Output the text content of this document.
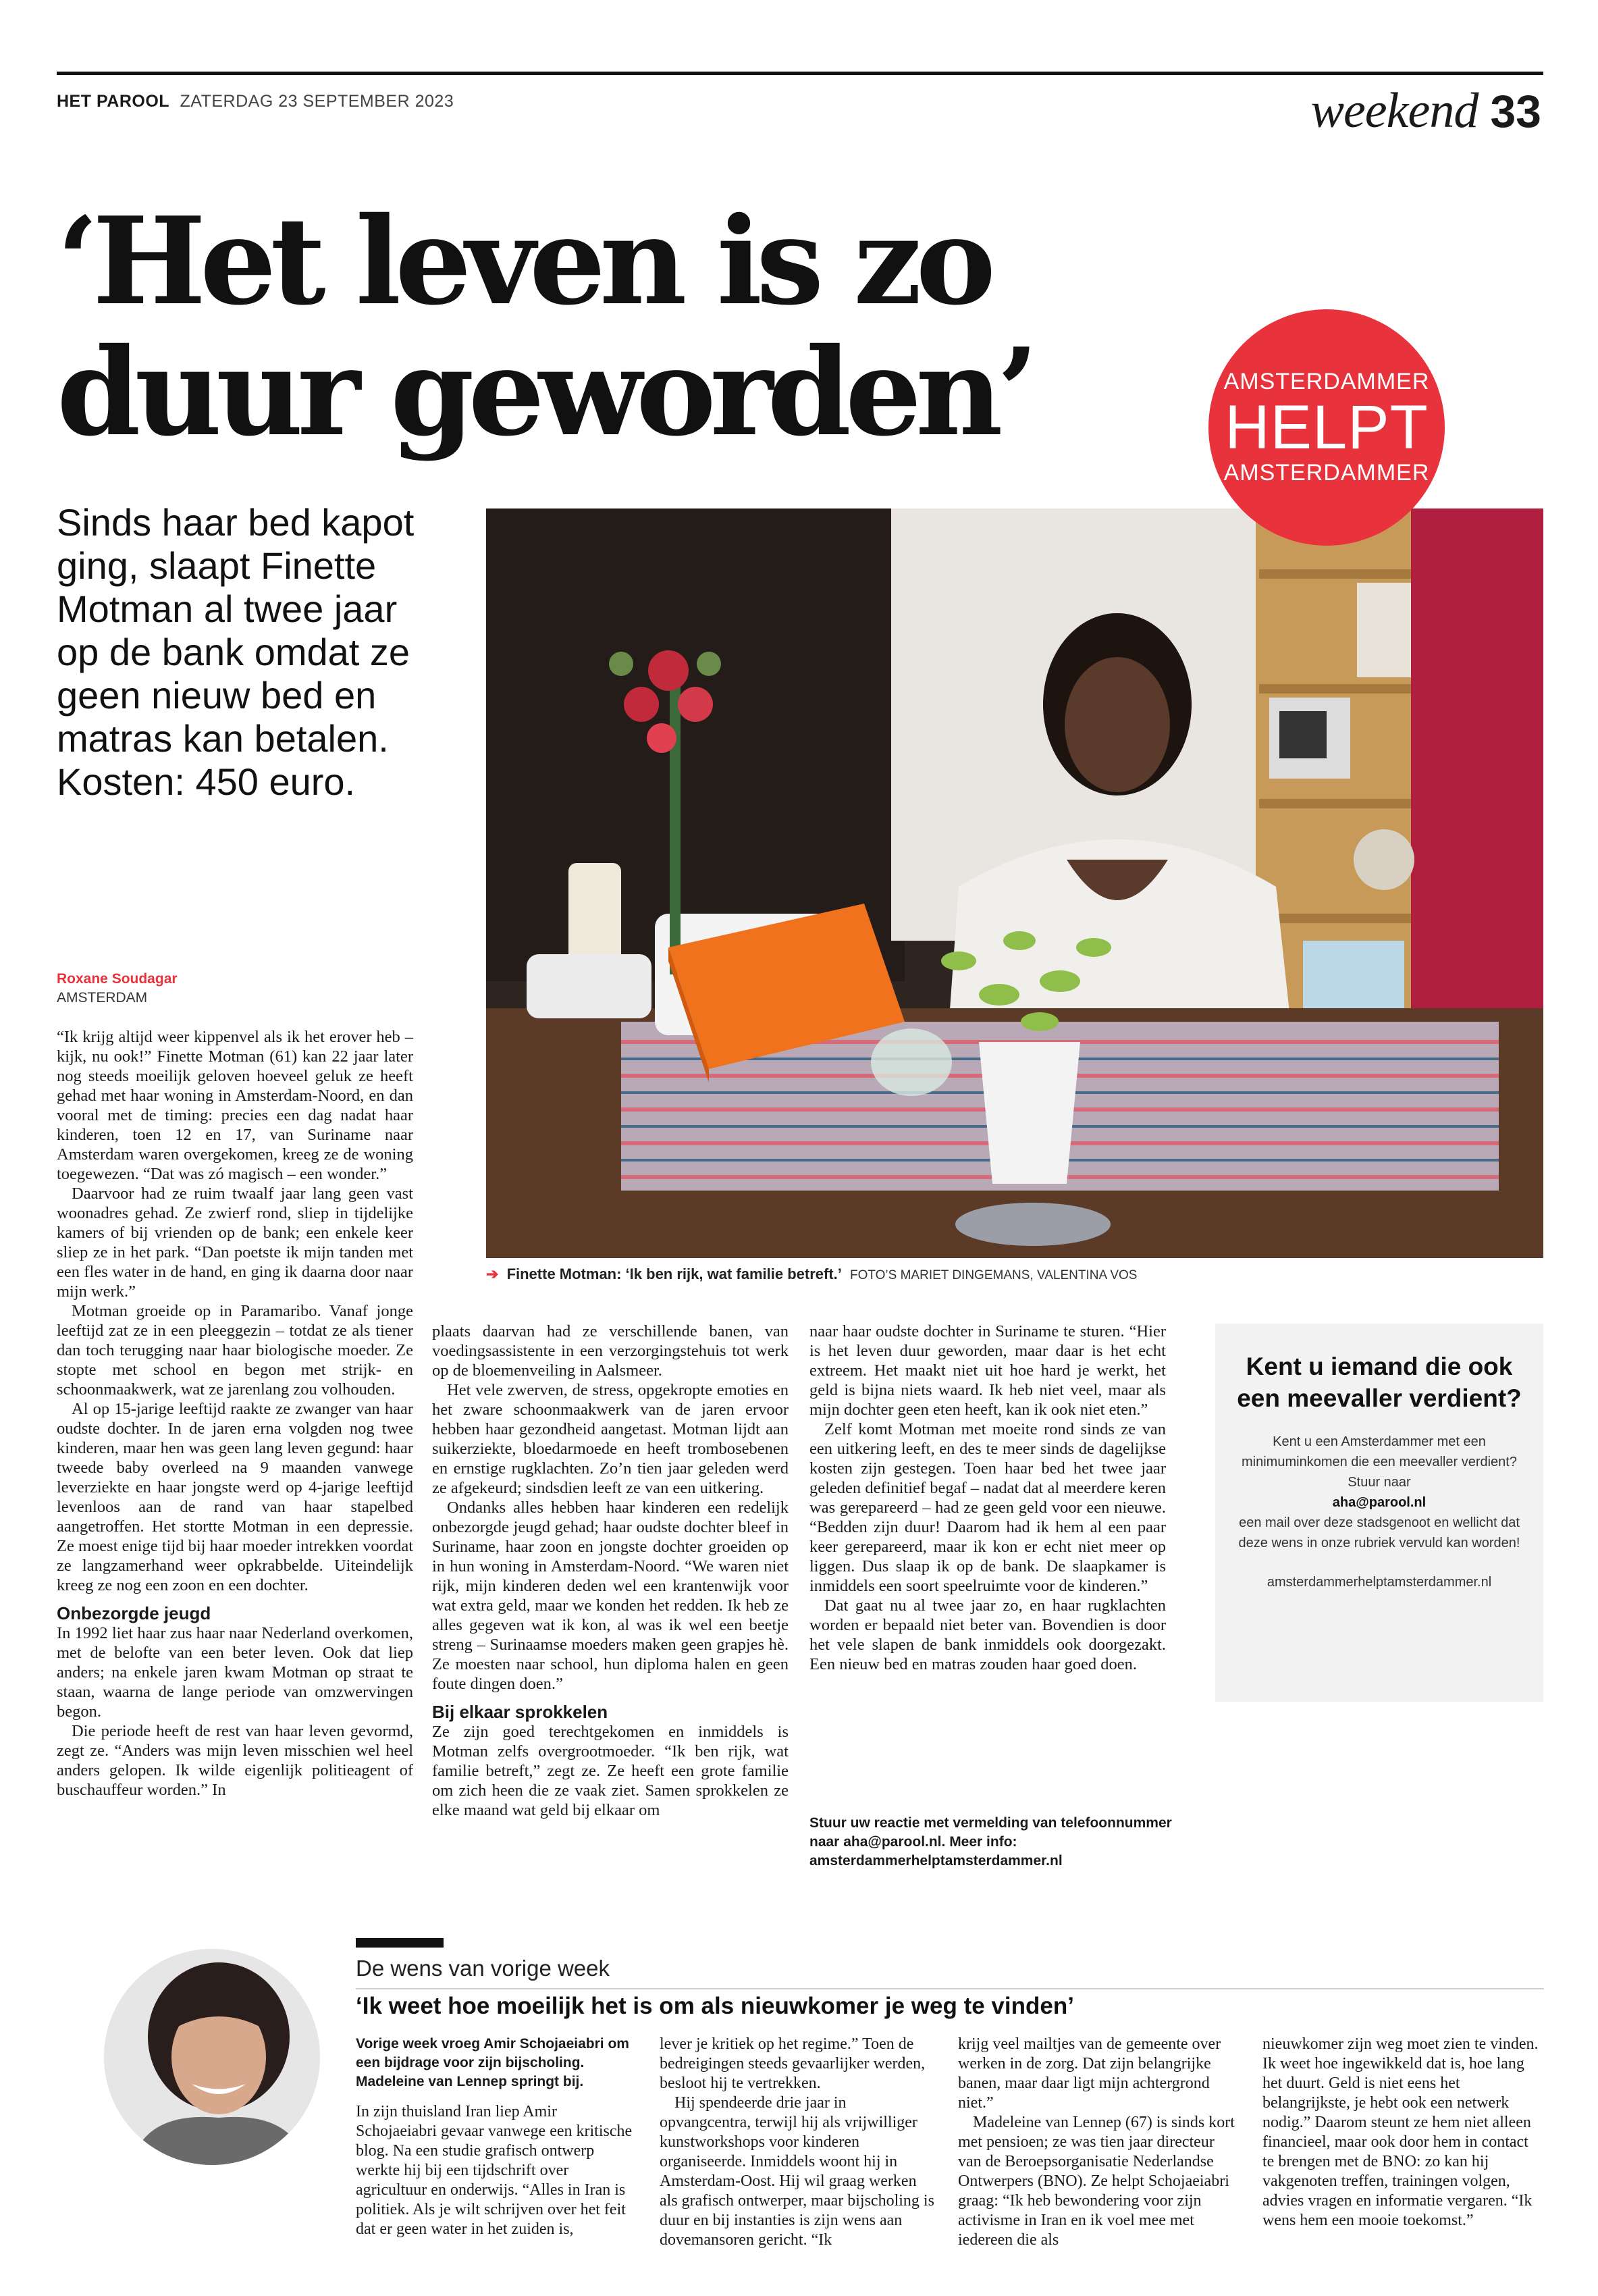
HET PAROOL ZATERDAG 23 SEPTEMBER 2023	weekend 33
‘Het leven is zo
duur geworden’	AMSTERDAMMER
HELPT
AMSTERDAMMER
Sinds haar bed kapot ging, slaapt Finette Motman al twee jaar op de bank omdat ze geen nieuw bed en matras kan betalen. Kosten: 450 euro.
➔ Finette Motman: ‘Ik ben rijk, wat familie betreft.’ FOTO’S MARIET DINGEMANS, VALENTINA VOS
Roxane Soudagar
AMSTERDAM

“Ik krijg altijd weer kippenvel als ik het erover heb – kijk, nu ook!” Finette Motman (61) kan 22 jaar later nog steeds moeilijk geloven hoeveel geluk ze heeft gehad met haar woning in Amsterdam-Noord, en dan vooral met de timing: precies een dag nadat haar kinderen, toen 12 en 17, van Suriname naar Amsterdam waren overgekomen, kreeg ze de woning toegewezen. “Dat was zó magisch – een wonder.”

Daarvoor had ze ruim twaalf jaar lang geen vast woonadres gehad. Ze zwierf rond, sliep in tijdelijke kamers of bij vrienden op de bank; een enkele keer sliep ze in het park. “Dan poetste ik mijn tanden met een fles water in de hand, en ging ik daarna door naar mijn werk.”

Motman groeide op in Paramaribo. Vanaf jonge leeftijd zat ze in een pleeggezin – totdat ze als tiener dan toch terugging naar haar biologische moeder. Ze stopte met school en begon met strijk- en schoonmaakwerk, wat ze jarenlang zou volhouden.

Al op 15-jarige leeftijd raakte ze zwanger van haar oudste dochter. In de jaren erna volgden nog twee kinderen, maar hen was geen lang leven gegund: haar tweede baby overleed na 9 maanden vanwege leverziekte en haar jongste werd op 4-jarige leeftijd levenloos aan de rand van haar stapelbed aangetroffen. Het stortte Motman in een depressie. Ze moest enige tijd bij haar moeder intrekken voordat ze langzamerhand weer opkrabbelde. Uiteindelijk kreeg ze nog een zoon en een dochter.

Onbezorgde jeugd

In 1992 liet haar zus haar naar Nederland overkomen, met de belofte van een beter leven. Ook dat liep anders; na enkele jaren kwam Motman op straat te staan, waarna de lange periode van omzwervingen begon.

Die periode heeft de rest van haar leven gevormd, zegt ze. “Anders was mijn leven misschien wel heel anders gelopen. Ik wilde eigenlijk politieagent of buschauffeur worden.” In

plaats daarvan had ze verschillende banen, van voedingsassistente in een verzorgingstehuis tot werk op de bloemenveiling in Aalsmeer.

Het vele zwerven, de stress, opgekropte emoties en het zware schoonmaakwerk van de jaren ervoor hebben haar gezondheid aangetast. Motman lijdt aan suikerziekte, bloedarmoede en heeft trombosebenen en ernstige rugklachten. Zo’n tien jaar geleden werd ze afgekeurd; sindsdien leeft ze van een uitkering.

Ondanks alles hebben haar kinderen een redelijk onbezorgde jeugd gehad; haar oudste dochter bleef in Suriname, haar zoon en jongste dochter groeiden op in hun woning in Amsterdam-Noord. “We waren niet rijk, mijn kinderen deden wel een krantenwijk voor wat extra geld, maar we konden het redden. Ik heb ze alles gegeven wat ik kon, al was ik wel een beetje streng – Surinaamse moeders maken geen grapjes hè. Ze moesten naar school, hun diploma halen en geen foute dingen doen.”

Bij elkaar sprokkelen

Ze zijn goed terechtgekomen en inmiddels is Motman zelfs overgrootmoeder. “Ik ben rijk, wat familie betreft,” zegt ze. Ze heeft een grote familie om zich heen die ze vaak ziet. Samen sprokkelen ze elke maand wat geld bij elkaar om

naar haar oudste dochter in Suriname te sturen. “Hier is het leven duur geworden, maar daar is het echt extreem. Het maakt niet uit hoe hard je werkt, het geld is bijna niets waard. Ik heb niet veel, maar als mijn dochter geen eten heeft, kan ik ook niet eten.”

Zelf komt Motman met moeite rond sinds ze van een uitkering leeft, en des te meer sinds de dagelijkse kosten zijn gestegen. Toen haar bed het twee jaar geleden definitief begaf – nadat dat al meerdere keren was gerepareerd – had ze geen geld voor een nieuwe. “Bedden zijn duur! Daarom had ik hem al een paar keer gerepareerd, maar ik kon er echt niet meer op liggen. Dus slaap ik op de bank. De slaapkamer is inmiddels een soort speelruimte voor de kinderen.”

Dat gaat nu al twee jaar zo, en haar rugklachten worden er bepaald niet beter van. Bovendien is door het vele slapen de bank inmiddels ook doorgezakt. Een nieuw bed en matras zouden haar goed doen.

Stuur uw reactie met vermelding van telefoonnummer naar aha@parool.nl. Meer info: amsterdammerhelptamsterdammer.nl
Kent u iemand die ook een meevaller verdient?
Kent u een Amsterdammer met een minimuminkomen die een meevaller verdient? Stuur naar
aha@parool.nl
een mail over deze stadsgenoot en wellicht dat deze wens in onze rubriek vervuld kan worden!
amsterdammerhelptamsterdammer.nl
De wens van vorige week
‘Ik weet hoe moeilijk het is om als nieuwkomer je weg te vinden’

Vorige week vroeg Amir Schojaeiabri om een bijdrage voor zijn bijscholing. Madeleine van Lennep springt bij.

In zijn thuisland Iran liep Amir Schojaeiabri gevaar vanwege een kritische blog. Na een studie grafisch ontwerp werkte hij bij een tijdschrift over agricultuur en onderwijs. “Alles in Iran is politiek. Als je wilt schrijven over het feit dat er geen water in het zuiden is,

lever je kritiek op het regime.” Toen de bedreigingen steeds gevaarlijker werden, besloot hij te vertrekken.

Hij spendeerde drie jaar in opvangcentra, terwijl hij als vrijwilliger kunstworkshops voor kinderen organiseerde. Inmiddels woont hij in Amsterdam-Oost. Hij wil graag werken als grafisch ontwerper, maar bijscholing is duur en bij instanties is zijn wens aan dovemansoren gericht. “Ik

krijg veel mailtjes van de gemeente over werken in de zorg. Dat zijn belangrijke banen, maar daar ligt mijn achtergrond niet.”

Madeleine van Lennep (67) is sinds kort met pensioen; ze was tien jaar directeur van de Beroepsorganisatie Nederlandse Ontwerpers (BNO). Ze helpt Schojaeiabri graag: “Ik heb bewondering voor zijn activisme in Iran en ik voel mee met iedereen die als

nieuwkomer zijn weg moet zien te vinden. Ik weet hoe ingewikkeld dat is, hoe lang het duurt. Geld is niet eens het belangrijkste, je hebt ook een netwerk nodig.” Daarom steunt ze hem niet alleen financieel, maar ook door hem in contact te brengen met de BNO: zo kan hij vakgenoten treffen, trainingen volgen, advies vragen en informatie vergaren. “Ik wens hem een mooie toekomst.”
